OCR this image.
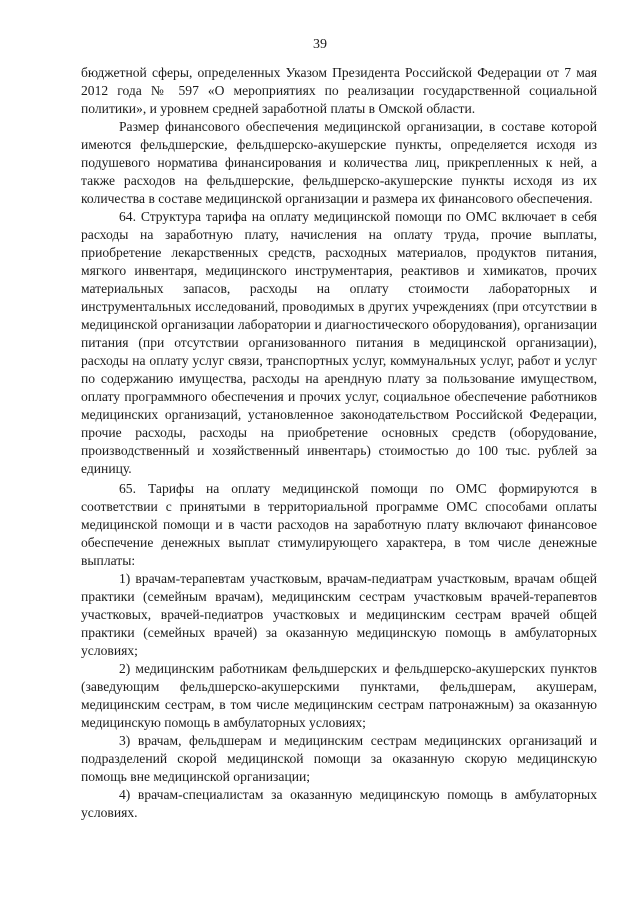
39

бюджетной сферы, определенных Указом Президента Российской Федерации от 7 мая 2012 года № 597 «О мероприятиях по реализации государственной социальной политики», и уровнем средней заработной платы в Омской области.

Размер финансового обеспечения медицинской организации, в составе которой имеются фельдшерские, фельдшерско-акушерские пункты, определяется исходя из подушевого норматива финансирования и количества лиц, прикрепленных к ней, а также расходов на фельдшерские, фельдшерско-акушерские пункты исходя из их количества в составе медицинской организации и размера их финансового обеспечения.

64. Структура тарифа на оплату медицинской помощи по ОМС включает в себя расходы на заработную плату, начисления на оплату труда, прочие выплаты, приобретение лекарственных средств, расходных материалов, продуктов питания, мягкого инвентаря, медицинского инструментария, реактивов и химикатов, прочих материальных запасов, расходы на оплату стоимости лабораторных и инструментальных исследований, проводимых в других учреждениях (при отсутствии в медицинской организации лаборатории и диагностического оборудования), организации питания (при отсутствии организованного питания в медицинской организации), расходы на оплату услуг связи, транспортных услуг, коммунальных услуг, работ и услуг по содержанию имущества, расходы на арендную плату за пользование имуществом, оплату программного обеспечения и прочих услуг, социальное обеспечение работников медицинских организаций, установленное законодательством Российской Федерации, прочие расходы, расходы на приобретение основных средств (оборудование, производственный и хозяйственный инвентарь) стоимостью до 100 тыс. рублей за единицу.

65. Тарифы на оплату медицинской помощи по ОМС формируются в соответствии с принятыми в территориальной программе ОМС способами оплаты медицинской помощи и в части расходов на заработную плату включают финансовое обеспечение денежных выплат стимулирующего характера, в том числе денежные выплаты:

1) врачам-терапевтам участковым, врачам-педиатрам участковым, врачам общей практики (семейным врачам), медицинским сестрам участковым врачей-терапевтов участковых, врачей-педиатров участковых и медицинским сестрам врачей общей практики (семейных врачей) за оказанную медицинскую помощь в амбулаторных условиях;

2) медицинским работникам фельдшерских и фельдшерско-акушерских пунктов (заведующим фельдшерско-акушерскими пунктами, фельдшерам, акушерам, медицинским сестрам, в том числе медицинским сестрам патронажным) за оказанную медицинскую помощь в амбулаторных условиях;

3) врачам, фельдшерам и медицинским сестрам медицинских организаций и подразделений скорой медицинской помощи за оказанную скорую медицинскую помощь вне медицинской организации;

4) врачам-специалистам за оказанную медицинскую помощь в амбулаторных условиях.
